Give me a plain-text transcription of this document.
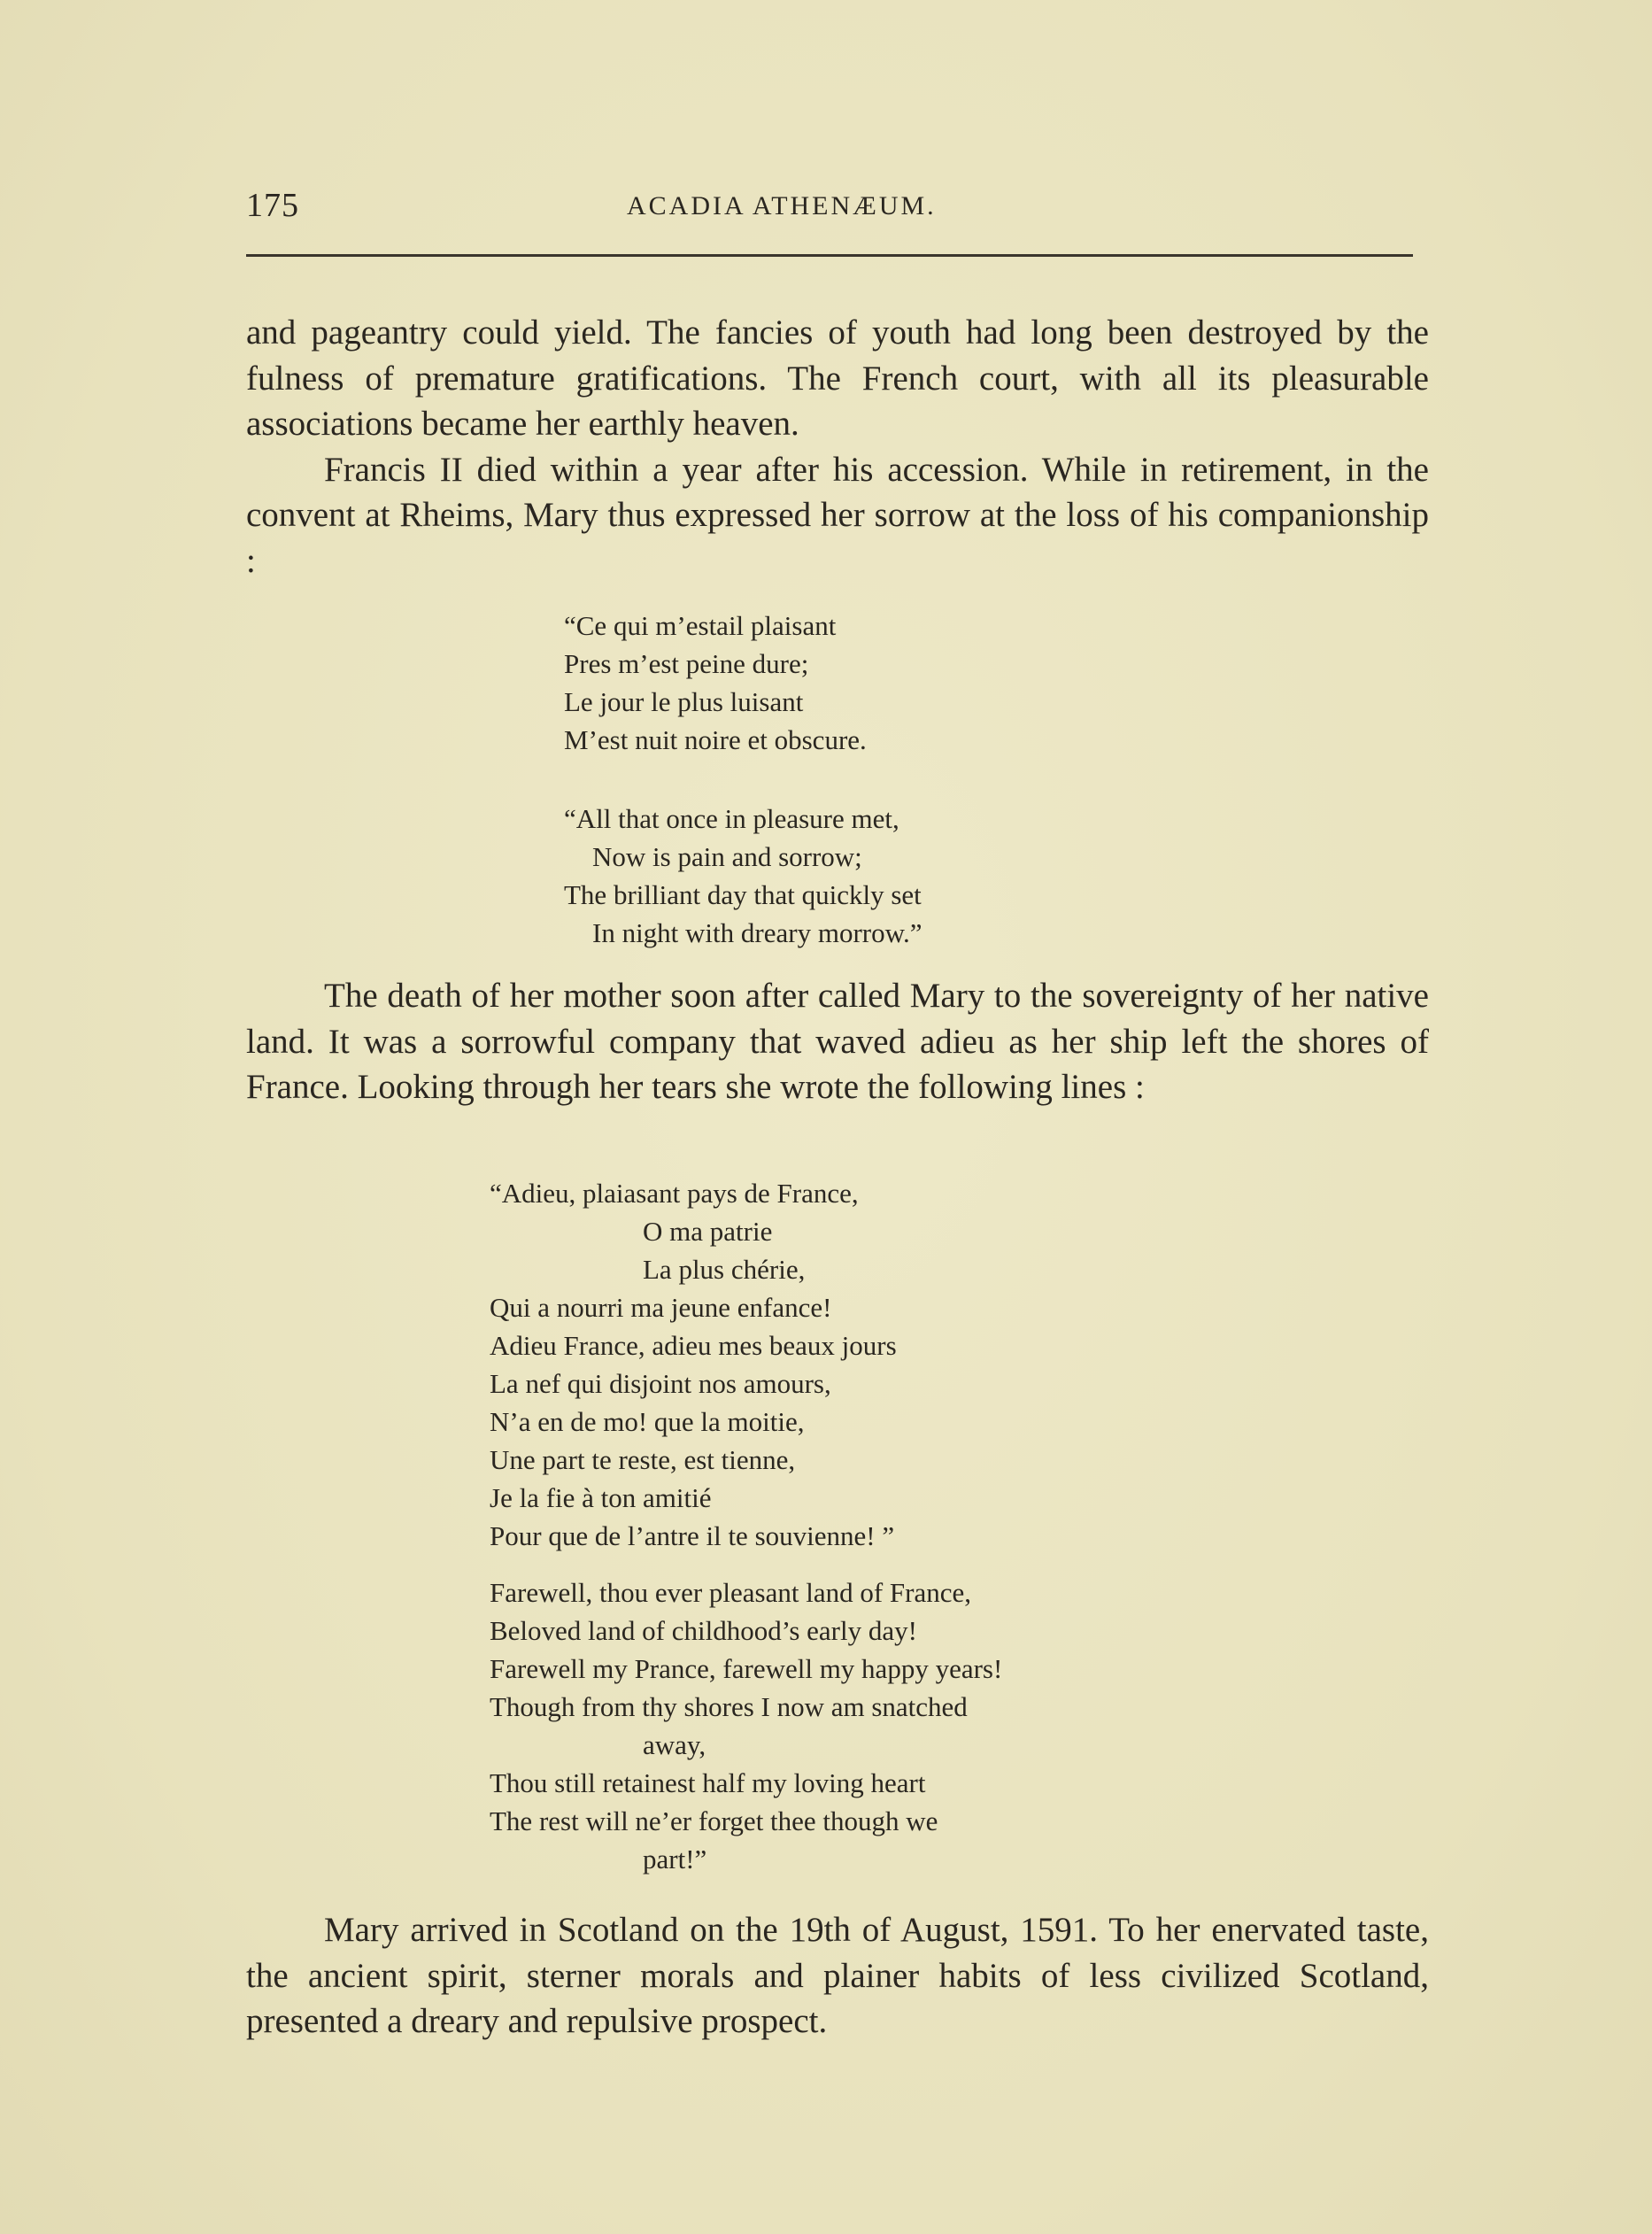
175	ACADIA ATHENÆUM.

and pageantry could yield. The fancies of youth had long been destroyed by the fulness of premature gratifications. The French court, with all its pleasurable associations became her earthly heaven.

Francis II died within a year after his accession. While in retirement, in the convent at Rheims, Mary thus expressed her sorrow at the loss of his companionship :

“Ce qui m’estail plaisant
Pres m’est peine dure;
Le jour le plus luisant
M’est nuit noire et obscure.
“All that once in pleasure met,
Now is pain and sorrow;
The brilliant day that quickly set
In night with dreary morrow.”

The death of her mother soon after called Mary to the sovereignty of her native land. It was a sorrowful company that waved adieu as her ship left the shores of France. Looking through her tears she wrote the following lines :

“Adieu, plaiasant pays de France,
O ma patrie
La plus chérie,
Qui a nourri ma jeune enfance!
Adieu France, adieu mes beaux jours
La nef qui disjoint nos amours,
N’a en de mo! que la moitie,
Une part te reste, est tienne,
Je la fie à ton amitié
Pour que de l’antre il te souvienne! ”
Farewell, thou ever pleasant land of France,
Beloved land of childhood’s early day!
Farewell my Prance, farewell my happy years!
Though from thy shores I now am snatched
away,
Thou still retainest half my loving heart
The rest will ne’er forget thee though we
part!”

Mary arrived in Scotland on the 19th of August, 1591. To her enervated taste, the ancient spirit, sterner morals and plainer habits of less civilized Scotland, presented a dreary and repulsive prospect.
